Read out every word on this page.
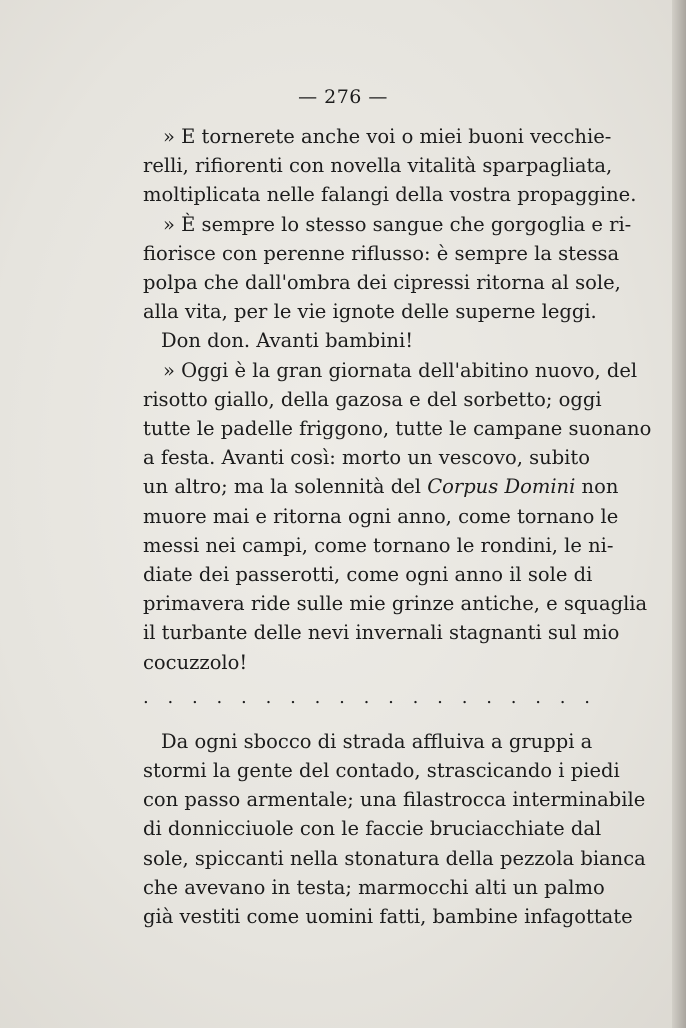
— 276 —
» E tornerete anche voi o miei buoni vecchie-
relli, rifiorenti con novella vitalità sparpagliata,
moltiplicata nelle falangi della vostra propaggine.
» È sempre lo stesso sangue che gorgoglia e ri-
fiorisce con perenne riflusso: è sempre la stessa
polpa che dall'ombra dei cipressi ritorna al sole,
alla vita, per le vie ignote delle superne leggi.
Don don. Avanti bambini!
» Oggi è la gran giornata dell'abitino nuovo, del
risotto giallo, della gazosa e del sorbetto; oggi
tutte le padelle friggono, tutte le campane suonano
a festa. Avanti così: morto un vescovo, subito
un altro; ma la solennità del Corpus Domini non
muore mai e ritorna ogni anno, come tornano le
messi nei campi, come tornano le rondini, le ni-
diate dei passerotti, come ogni anno il sole di
primavera ride sulle mie grinze antiche, e squaglia
il turbante delle nevi invernali stagnanti sul mio
cocuzzolo!
. . . . . . . . . . . . . . . . . . .
Da ogni sbocco di strada affluiva a gruppi a
stormi la gente del contado, strascicando i piedi
con passo armentale; una filastrocca interminabile
di donnicciuole con le faccie bruciacchiate dal
sole, spiccanti nella stonatura della pezzola bianca
che avevano in testa; marmocchi alti un palmo
già vestiti come uomini fatti, bambine infagottate
